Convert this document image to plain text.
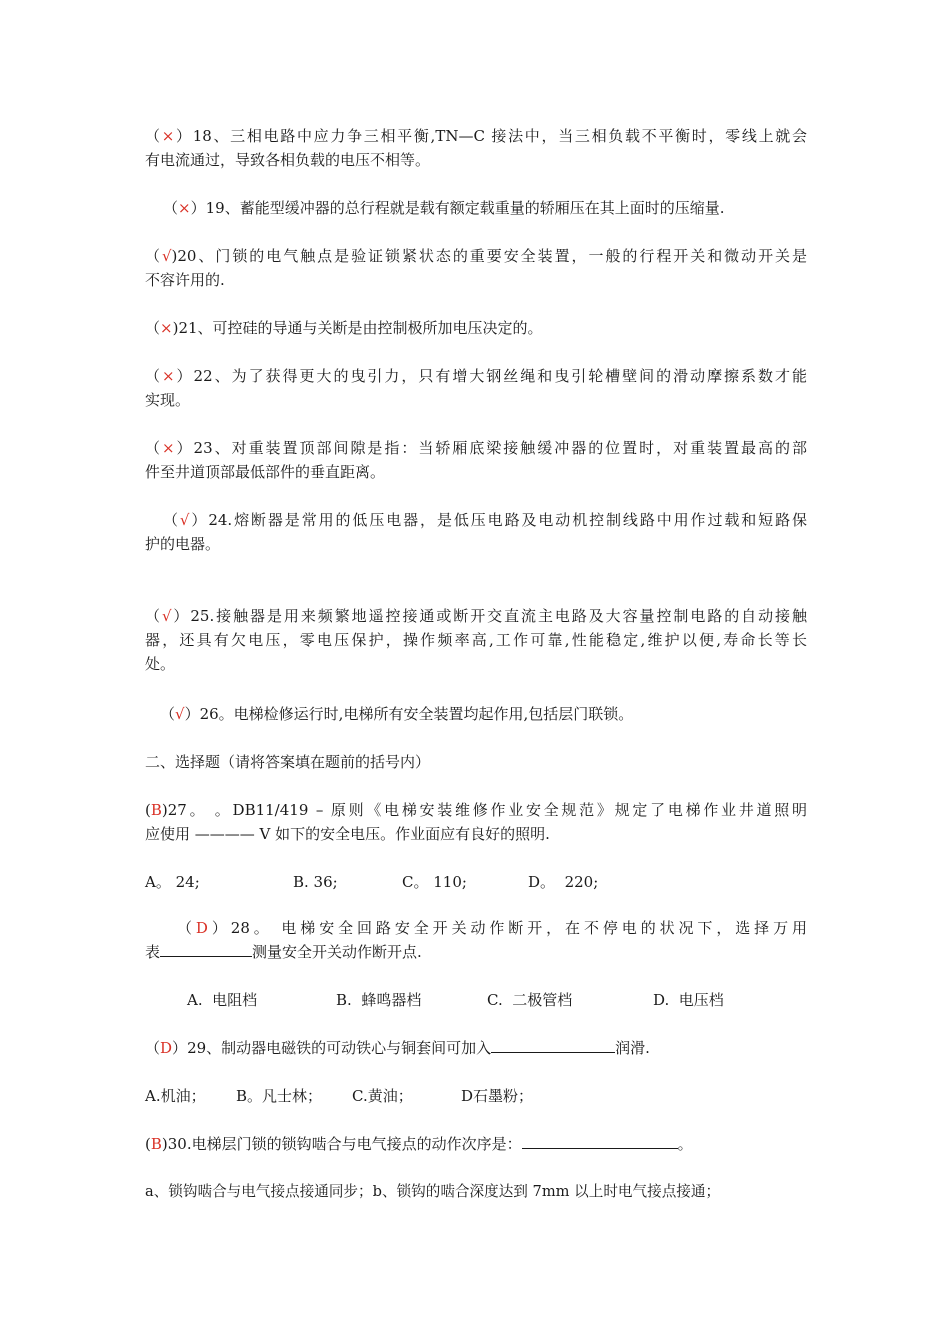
（×）18、三相电路中应力争三相平衡,TN—C 接法中，当三相负载不平衡时，零线上就会
有电流通过，导致各相负载的电压不相等。
（×）19、蓄能型缓冲器的总行程就是载有额定载重量的轿厢压在其上面时的压缩量.
（√)20、门锁的电气触点是验证锁紧状态的重要安全装置，一般的行程开关和微动开关是
不容许用的.
（×)21、可控硅的导通与关断是由控制极所加电压决定的。
（×）22、为了获得更大的曳引力，只有增大钢丝绳和曳引轮槽壁间的滑动摩擦系数才能
实现。
（×）23、对重装置顶部间隙是指：当轿厢底梁接触缓冲器的位置时，对重装置最高的部
件至井道顶部最低部件的垂直距离。
（√）24.熔断器是常用的低压电器，是低压电路及电动机控制线路中用作过载和短路保
护的电器。
（√）25.接触器是用来频繁地遥控接通或断开交直流主电路及大容量控制电路的自动接触
器，还具有欠电压，零电压保护，操作频率高,工作可靠,性能稳定,维护以便,寿命长等长
处。
（√）26。电梯检修运行时,电梯所有安全装置均起作用,包括层门联锁。
二、选择题（请将答案填在题前的括号内）
(B)27。 。DB11/419 – 原则《电梯安装维修作业安全规范》规定了电梯作业井道照明
应使用 ———— V 如下的安全电压。作业面应有良好的照明.
A。 24;	B. 36;	C。 110;	D。  220;
（D）28。 电梯安全回路安全开关动作断开，在不停电的状况下，选择万用
表	测量安全开关动作断开点.
A.  电阻档	B.  蜂鸣器档	C.  二极管档	D.  电压档
（D）29、制动器电磁铁的可动铁心与铜套间可加入	润滑.
A.机油； B。凡士林； C.黄油；	D石墨粉；
(B)30.电梯层门锁的锁钩啮合与电气接点的动作次序是：	。
a、锁钩啮合与电气接点接通同步；b、锁钩的啮合深度达到 7mm 以上时电气接点接通；
